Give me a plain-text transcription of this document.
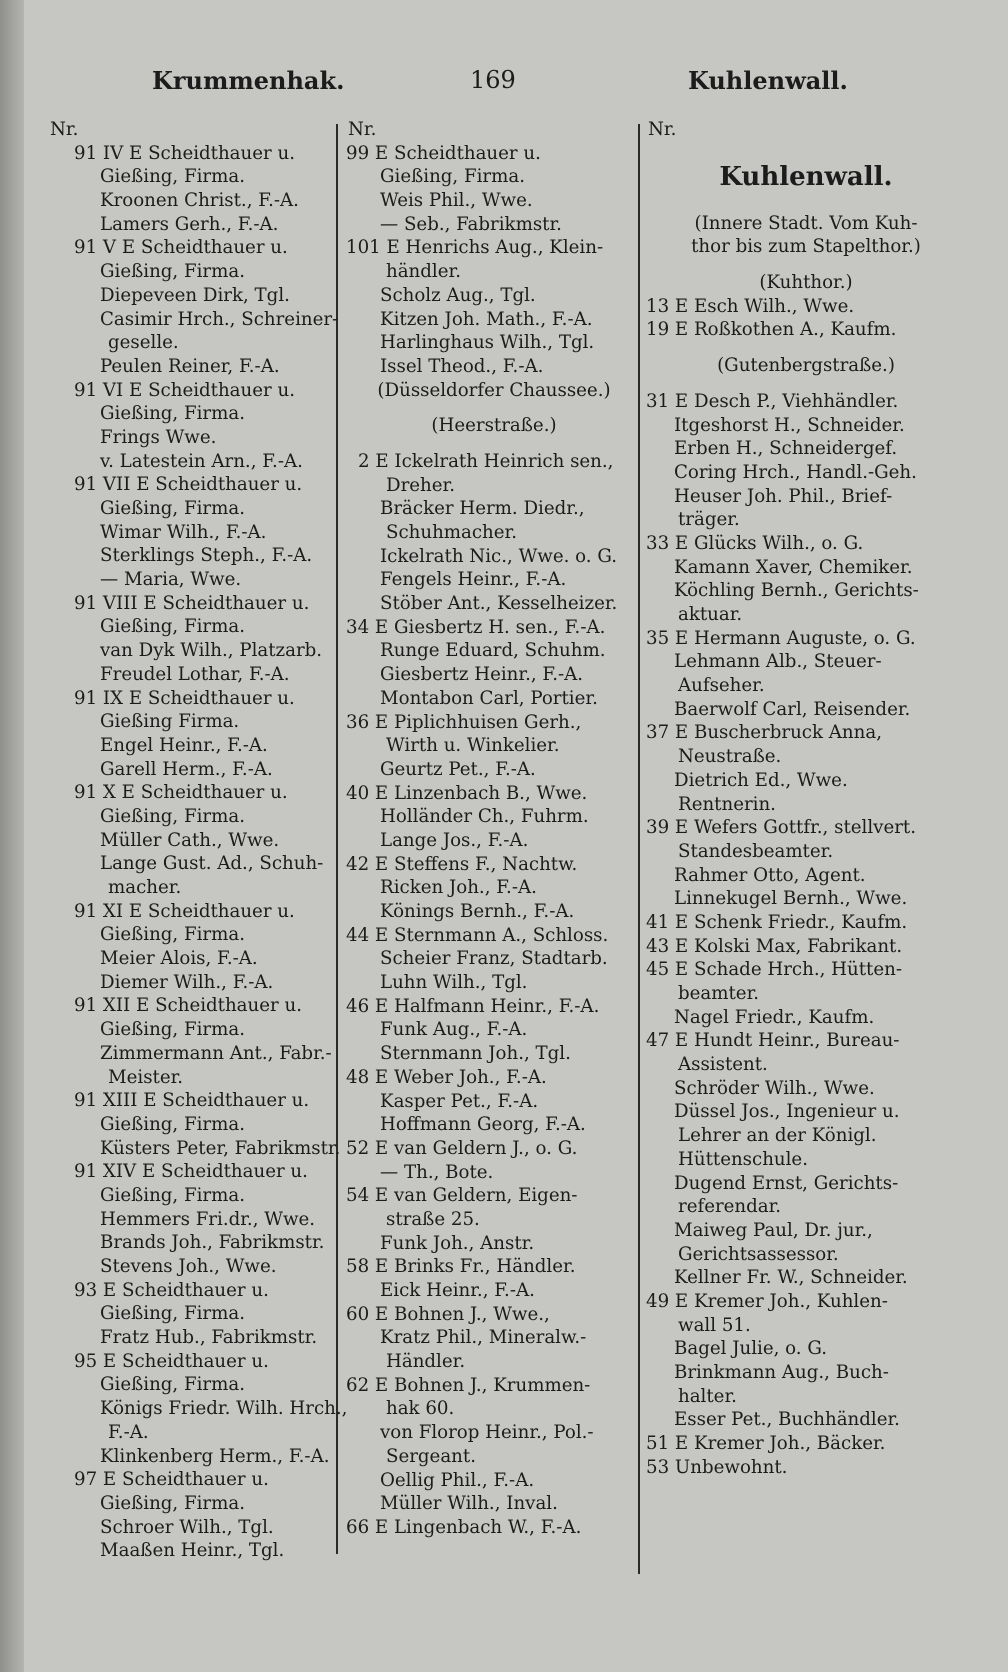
Krummenhak.	169	Kuhlenwall.
Nr.
91 IV E Scheidthauer u.
Gießing, Firma.
Kroonen Christ., F.-A.
Lamers Gerh., F.-A.
91 V E Scheidthauer u.
Gießing, Firma.
Diepeveen Dirk, Tgl.
Casimir Hrch., Schreiner-
geselle.
Peulen Reiner, F.-A.
91 VI E Scheidthauer u.
Gießing, Firma.
Frings Wwe.
v. Latestein Arn., F.-A.
91 VII E Scheidthauer u.
Gießing, Firma.
Wimar Wilh., F.-A.
Sterklings Steph., F.-A.
— Maria, Wwe.
91 VIII E Scheidthauer u.
Gießing, Firma.
van Dyk Wilh., Platzarb.
Freudel Lothar, F.-A.
91 IX E Scheidthauer u.
Gießing Firma.
Engel Heinr., F.-A.
Garell Herm., F.-A.
91 X E Scheidthauer u.
Gießing, Firma.
Müller Cath., Wwe.
Lange Gust. Ad., Schuh-
macher.
91 XI E Scheidthauer u.
Gießing, Firma.
Meier Alois, F.-A.
Diemer Wilh., F.-A.
91 XII E Scheidthauer u.
Gießing, Firma.
Zimmermann Ant., Fabr.-
Meister.
91 XIII E Scheidthauer u.
Gießing, Firma.
Küsters Peter, Fabrikmstr.
91 XIV E Scheidthauer u.
Gießing, Firma.
Hemmers Fri.dr., Wwe.
Brands Joh., Fabrikmstr.
Stevens Joh., Wwe.
93 E Scheidthauer u.
Gießing, Firma.
Fratz Hub., Fabrikmstr.
95 E Scheidthauer u.
Gießing, Firma.
Königs Friedr. Wilh. Hrch.,
F.-A.
Klinkenberg Herm., F.-A.
97 E Scheidthauer u.
Gießing, Firma.
Schroer Wilh., Tgl.
Maaßen Heinr., Tgl.
Nr.
99 E Scheidthauer u.
Gießing, Firma.
Weis Phil., Wwe.
— Seb., Fabrikmstr.
101 E Henrichs Aug., Klein-
händler.
Scholz Aug., Tgl.
Kitzen Joh. Math., F.-A.
Harlinghaus Wilh., Tgl.
Issel Theod., F.-A.
(Düsseldorfer Chaussee.)
(Heerstraße.)
2 E Ickelrath Heinrich sen.,
Dreher.
Bräcker Herm. Diedr.,
Schuhmacher.
Ickelrath Nic., Wwe. o. G.
Fengels Heinr., F.-A.
Stöber Ant., Kesselheizer.
34 E Giesbertz H. sen., F.-A.
Runge Eduard, Schuhm.
Giesbertz Heinr., F.-A.
Montabon Carl, Portier.
36 E Piplichhuisen Gerh.,
Wirth u. Winkelier.
Geurtz Pet., F.-A.
40 E Linzenbach B., Wwe.
Holländer Ch., Fuhrm.
Lange Jos., F.-A.
42 E Steffens F., Nachtw.
Ricken Joh., F.-A.
Könings Bernh., F.-A.
44 E Sternmann A., Schloss.
Scheier Franz, Stadtarb.
Luhn Wilh., Tgl.
46 E Halfmann Heinr., F.-A.
Funk Aug., F.-A.
Sternmann Joh., Tgl.
48 E Weber Joh., F.-A.
Kasper Pet., F.-A.
Hoffmann Georg, F.-A.
52 E van Geldern J., o. G.
— Th., Bote.
54 E van Geldern, Eigen-
straße 25.
Funk Joh., Anstr.
58 E Brinks Fr., Händler.
Eick Heinr., F.-A.
60 E Bohnen J., Wwe.,
Kratz Phil., Mineralw.-
Händler.
62 E Bohnen J., Krummen-
hak 60.
von Florop Heinr., Pol.-
Sergeant.
Oellig Phil., F.-A.
Müller Wilh., Inval.
66 E Lingenbach W., F.-A.
Nr.
Kuhlenwall.
(Innere Stadt. Vom Kuh-
thor bis zum Stapelthor.)
(Kuhthor.)
13 E Esch Wilh., Wwe.
19 E Roßkothen A., Kaufm.
(Gutenbergstraße.)
31 E Desch P., Viehhändler.
Itgeshorst H., Schneider.
Erben H., Schneidergef.
Coring Hrch., Handl.-Geh.
Heuser Joh. Phil., Brief-
träger.
33 E Glücks Wilh., o. G.
Kamann Xaver, Chemiker.
Köchling Bernh., Gerichts-
aktuar.
35 E Hermann Auguste, o. G.
Lehmann Alb., Steuer-
Aufseher.
Baerwolf Carl, Reisender.
37 E Buscherbruck Anna,
Neustraße.
Dietrich Ed., Wwe.
Rentnerin.
39 E Wefers Gottfr., stellvert.
Standesbeamter.
Rahmer Otto, Agent.
Linnekugel Bernh., Wwe.
41 E Schenk Friedr., Kaufm.
43 E Kolski Max, Fabrikant.
45 E Schade Hrch., Hütten-
beamter.
Nagel Friedr., Kaufm.
47 E Hundt Heinr., Bureau-
Assistent.
Schröder Wilh., Wwe.
Düssel Jos., Ingenieur u.
Lehrer an der Königl.
Hüttenschule.
Dugend Ernst, Gerichts-
referendar.
Maiweg Paul, Dr. jur.,
Gerichtsassessor.
Kellner Fr. W., Schneider.
49 E Kremer Joh., Kuhlen-
wall 51.
Bagel Julie, o. G.
Brinkmann Aug., Buch-
halter.
Esser Pet., Buchhändler.
51 E Kremer Joh., Bäcker.
53 Unbewohnt.
